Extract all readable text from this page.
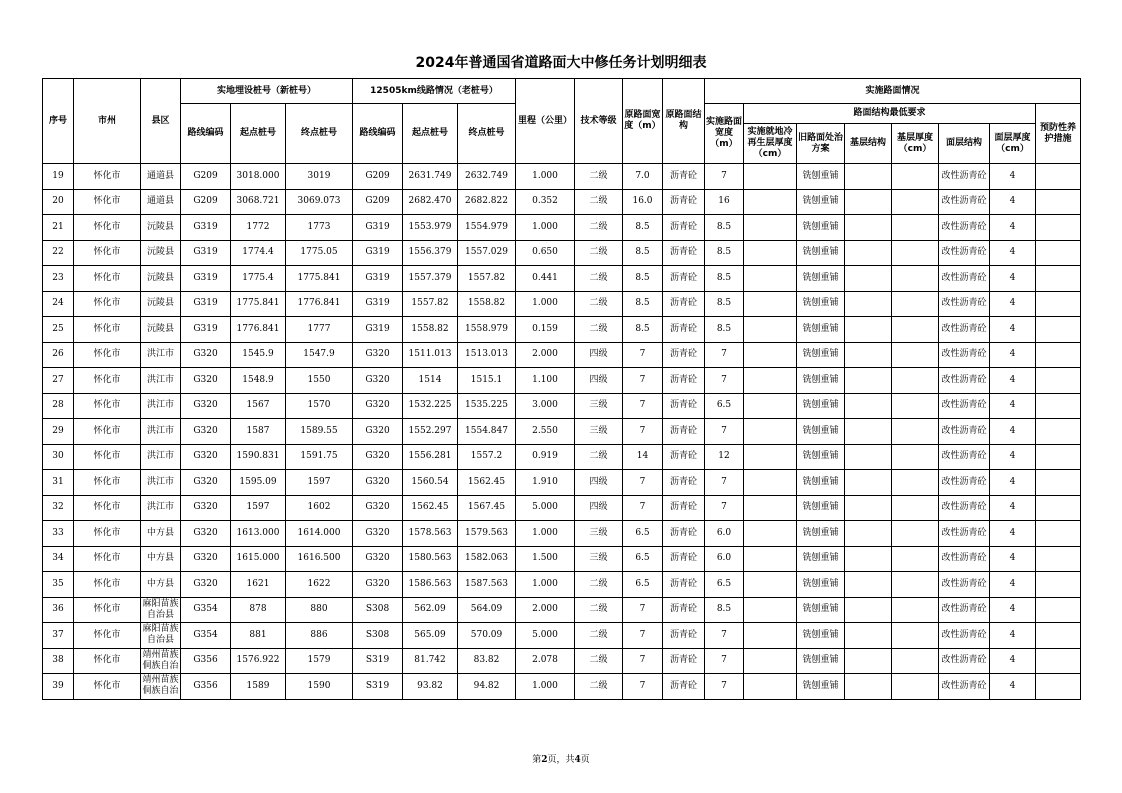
2024年普通国省道路面大中修任务计划明细表
序号	市州	县区	实地埋设桩号（新桩号）			12505km线路情况（老桩号）			里程（公里）	技术等级	原路面宽度（m）	原路面结构	实施路面情况							
			路线编码	起点桩号	终点桩号	路线编码	起点桩号	终点桩号					实施路面宽度（m）	路面结构最低要求						预防性养护措施
														实施就地冷再生层厚度（cm）	旧路面处治方案	基层结构	基层厚度（cm）	面层结构	面层厚度（cm）	
19	怀化市	通道县	G209	3018.000	3019	G209	2631.749	2632.749	1.000	二级	7.0	沥青砼	7		铣刨重铺			改性沥青砼	4	
20	怀化市	通道县	G209	3068.721	3069.073	G209	2682.470	2682.822	0.352	二级	16.0	沥青砼	16		铣刨重铺			改性沥青砼	4	
21	怀化市	沅陵县	G319	1772	1773	G319	1553.979	1554.979	1.000	二级	8.5	沥青砼	8.5		铣刨重铺			改性沥青砼	4	
22	怀化市	沅陵县	G319	1774.4	1775.05	G319	1556.379	1557.029	0.650	二级	8.5	沥青砼	8.5		铣刨重铺			改性沥青砼	4	
23	怀化市	沅陵县	G319	1775.4	1775.841	G319	1557.379	1557.82	0.441	二级	8.5	沥青砼	8.5		铣刨重铺			改性沥青砼	4	
24	怀化市	沅陵县	G319	1775.841	1776.841	G319	1557.82	1558.82	1.000	二级	8.5	沥青砼	8.5		铣刨重铺			改性沥青砼	4	
25	怀化市	沅陵县	G319	1776.841	1777	G319	1558.82	1558.979	0.159	二级	8.5	沥青砼	8.5		铣刨重铺			改性沥青砼	4	
26	怀化市	洪江市	G320	1545.9	1547.9	G320	1511.013	1513.013	2.000	四级	7	沥青砼	7		铣刨重铺			改性沥青砼	4	
27	怀化市	洪江市	G320	1548.9	1550	G320	1514	1515.1	1.100	四级	7	沥青砼	7		铣刨重铺			改性沥青砼	4	
28	怀化市	洪江市	G320	1567	1570	G320	1532.225	1535.225	3.000	三级	7	沥青砼	6.5		铣刨重铺			改性沥青砼	4	
29	怀化市	洪江市	G320	1587	1589.55	G320	1552.297	1554.847	2.550	三级	7	沥青砼	7		铣刨重铺			改性沥青砼	4	
30	怀化市	洪江市	G320	1590.831	1591.75	G320	1556.281	1557.2	0.919	二级	14	沥青砼	12		铣刨重铺			改性沥青砼	4	
31	怀化市	洪江市	G320	1595.09	1597	G320	1560.54	1562.45	1.910	四级	7	沥青砼	7		铣刨重铺			改性沥青砼	4	
32	怀化市	洪江市	G320	1597	1602	G320	1562.45	1567.45	5.000	四级	7	沥青砼	7		铣刨重铺			改性沥青砼	4	
33	怀化市	中方县	G320	1613.000	1614.000	G320	1578.563	1579.563	1.000	三级	6.5	沥青砼	6.0		铣刨重铺			改性沥青砼	4	
34	怀化市	中方县	G320	1615.000	1616.500	G320	1580.563	1582.063	1.500	三级	6.5	沥青砼	6.0		铣刨重铺			改性沥青砼	4	
35	怀化市	中方县	G320	1621	1622	G320	1586.563	1587.563	1.000	二级	6.5	沥青砼	6.5		铣刨重铺			改性沥青砼	4	
36	怀化市	麻阳苗族自治县	G354	878	880	S308	562.09	564.09	2.000	二级	7	沥青砼	8.5		铣刨重铺			改性沥青砼	4	
37	怀化市	麻阳苗族自治县	G354	881	886	S308	565.09	570.09	5.000	二级	7	沥青砼	7		铣刨重铺			改性沥青砼	4	
38	怀化市	靖州苗族侗族自治	G356	1576.922	1579	S319	81.742	83.82	2.078	二级	7	沥青砼	7		铣刨重铺			改性沥青砼	4	
39	怀化市	靖州苗族侗族自治	G356	1589	1590	S319	93.82	94.82	1.000	二级	7	沥青砼	7		铣刨重铺			改性沥青砼	4	
第2页，共4页
